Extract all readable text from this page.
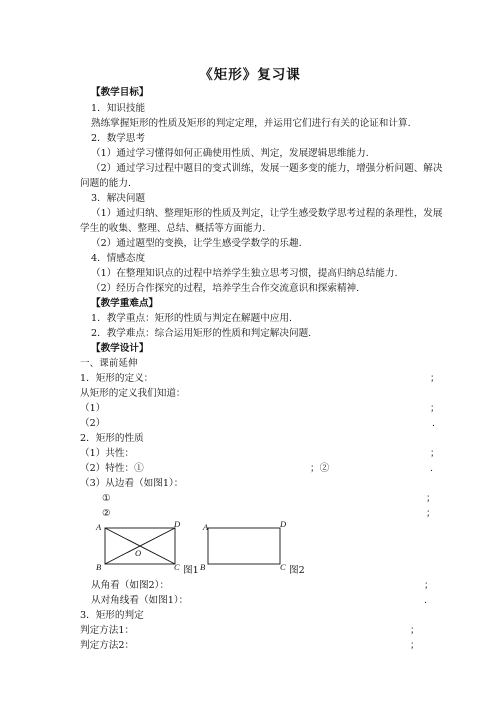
《矩形》复习课
【教学目标】
1．知识技能
熟练掌握矩形的性质及矩形的判定定理，并运用它们进行有关的论证和计算.
2．数学思考
（1）通过学习懂得如何正确使用性质、判定，发展逻辑思维能力.
（2）通过学习过程中题目的变式训练，发展一题多变的能力，增强分析问题、解决
问题的能力.
3．解决问题
（1）通过归纳、整理矩形的性质及判定，让学生感受数学思考过程的条理性，发展
学生的收集、整理、总结、概括等方面能力.
（2）通过题型的变换，让学生感受学数学的乐趣.
4．情感态度
（1）在整理知识点的过程中培养学生独立思考习惯，提高归纳总结能力.
（2）经历合作探究的过程，培养学生合作交流意识和探索精神.
【教学重难点】
1．教学重点：矩形的性质与判定在解题中应用.
2．教学难点：综合运用矩形的性质和判定解决问题.
【教学设计】
一、课前延伸
1．矩形的定义：	；
从矩形的定义我们知道：
（1）	；
（2）	.
2．矩形的性质
（1）共性：	；
（2）特性：①	；②	.
（3）从边看（如图1）：
①	；
②	；
A	D
B	C
O
图1
A	D
B	C 图2
从角看（如图2）：	；
从对角线看（如图1）：	.
3．矩形的判定
判定方法1：	；
判定方法2：	；
